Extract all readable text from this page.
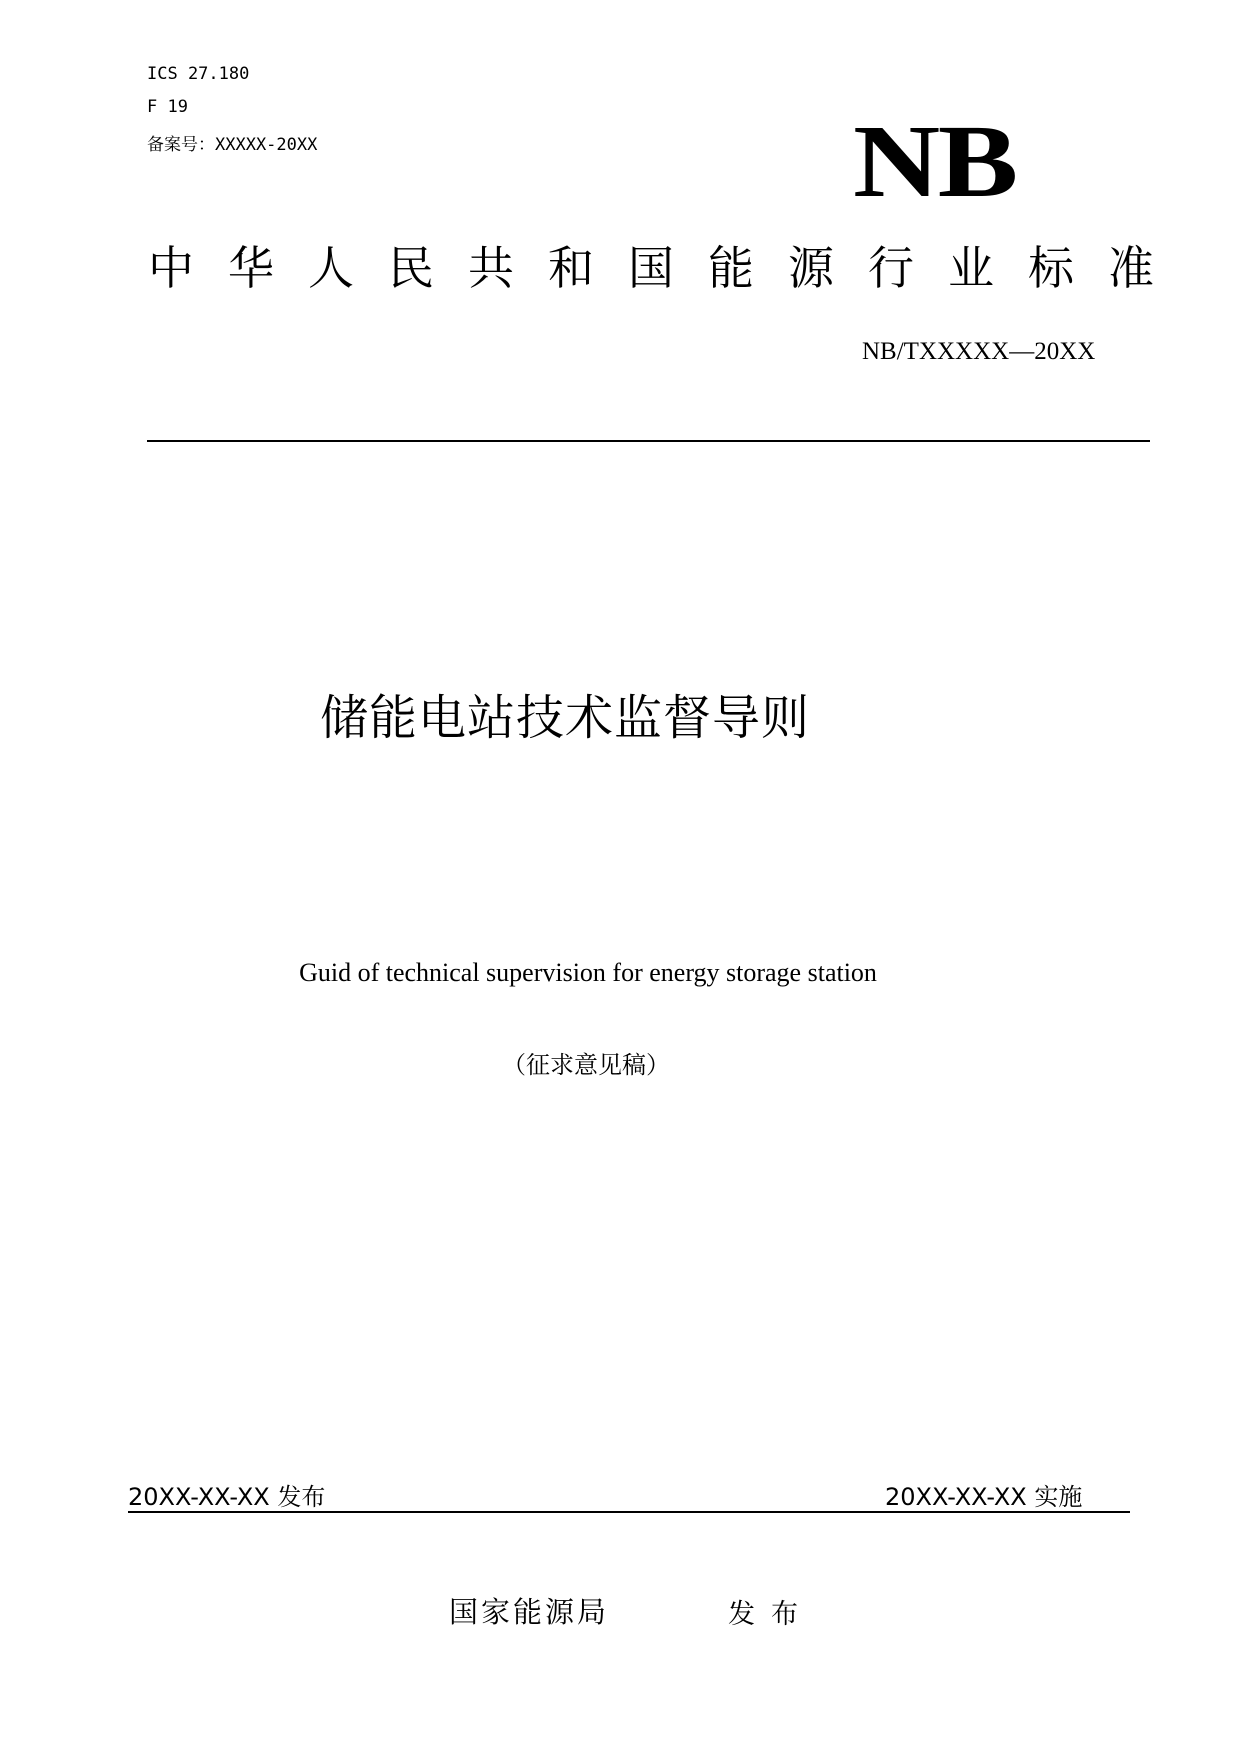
ICS 27.180
F 19
备案号：XXXXX-20XX	NB
中 华 人 民 共 和 国 能 源 行 业 标 准
NB/TXXXXX—20XX
储能电站技术监督导则
Guid of technical supervision for energy storage station
（征求意见稿）
20XX-XX-XX 发布	20XX-XX-XX 实施
国家能源局	发布
